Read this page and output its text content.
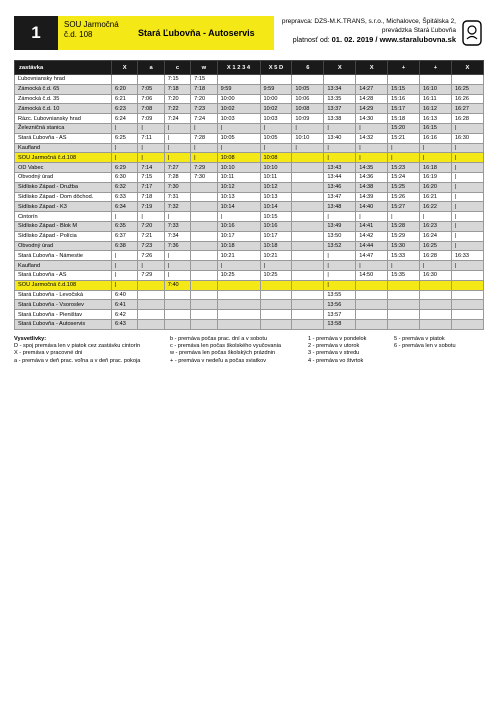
1	SOU Jarmočná č.d. 108	Stará Ľubovňa - Autoservis
prepravca: DZS-M.K.TRANS, s.r.o., Michalovce, Špitálska 2,
prevádzka Stará Ľubovňa
platnosť od: 01. 02. 2019 / www.staralubovna.sk
zastávka	X	a	c	w	X 1 2 3 4	X 5 D	6	X	X	+	+	X
Ľubovniansky hrad			7:15	7:15								
Zámocká č.d. 65	6:20	7:05	7:18	7:18	9:59	9:59	10:05	13:34	14:27	15:15	16:10	16:25
Zámocká č.d. 35	6:21	7:06	7:20	7:20	10:00	10:00	10:06	13:35	14:28	15:16	16:11	16:26
Zámocká č.d. 10	6:23	7:08	7:22	7:23	10:02	10:02	10:08	13:37	14:29	15:17	16:12	16:27
Rázc. Ľubovniansky hrad	6:24	7:09	7:24	7:24	10:03	10:03	10:09	13:38	14:30	15:18	16:13	16:28
Železničná stanica	|	|	|	|	|	|	|	|	|	15:20	16:15	|
Stará Ľubovňa - AS	6:25	7:11	|	7:28	10:05	10:05	10:10	13:40	14:32	15:21	16:16	16:30
Kaufland	|	|	|	|	|	|	|	|	|	|	|	|
SOU Jarmočná č.d.108	|	|	|	|	10:08	10:08		|	|	|	|	|
OD Vabec	6:29	7:14	7:27	7:29	10:10	10:10		13:43	14:35	15:23	16:18	|
Obvodný úrad	6:30	7:15	7:28	7:30	10:11	10:11		13:44	14:36	15:24	16:19	|
Sídlisko Západ - Družba	6:32	7:17	7:30		10:12	10:12		13:46	14:38	15:25	16:20	|
Sídlisko Západ - Dom dôchod.	6:33	7:18	7:31		10:13	10:13		13:47	14:39	15:26	16:21	|
Sídlisko Západ - K3	6:34	7:19	7:32		10:14	10:14		13:48	14:40	15:27	16:22	|
Cintorín	|	|	|		|	10:15		|	|	|	|	|
Sídlisko Západ - Blok M	6:35	7:20	7:33		10:16	10:16		13:49	14:41	15:28	16:23	|
Sídlisko Západ - Polícia	6:37	7:21	7:34		10:17	10:17		13:50	14:42	15:29	16:24	|
Obvodný úrad	6:38	7:23	7:36		10:18	10:18		13:52	14:44	15:30	16:25	|
Stará Ľubovňa - Námestie	|	7:26	|		10:21	10:21		|	14:47	15:33	16:28	16:33
Kaufland	|	|	|		|	|		|	|	|	|	|
Stará Ľubovňa - AS	|	7:29	|		10:25	10:25		|	14:50	15:35	16:30	
SOU Jarmočná č.d.108	|		7:40					|				
Stará Ľubovňa - Levočská	6:40							13:55				
Stará Ľubovňa - Vsoroslev	6:41							13:56				
Stará Ľubovňa - Pieništav	6:42							13:57				
Stará Ľubovňa - Autoservis	6:43							13:58				
Vysvetlivky:
D - spoj premáva len v piatok cez zastávku cintorín
X - premáva v pracovné dni
a - premáva v deň prac. voľna a v deň prac. pokoja
b - premáva počas prac. dní a v sobotu
c - premáva len počas školského vyučovania
w - premáva len počas školských prázdnin
+ - premáva v nedeľu a počas sviatkov
1 - premáva v pondelok
2 - premáva v utorok
3 - premáva v stredu
4 - premáva vo štvrtok
5 - premáva v piatok
6 - premáva len v sobotu
